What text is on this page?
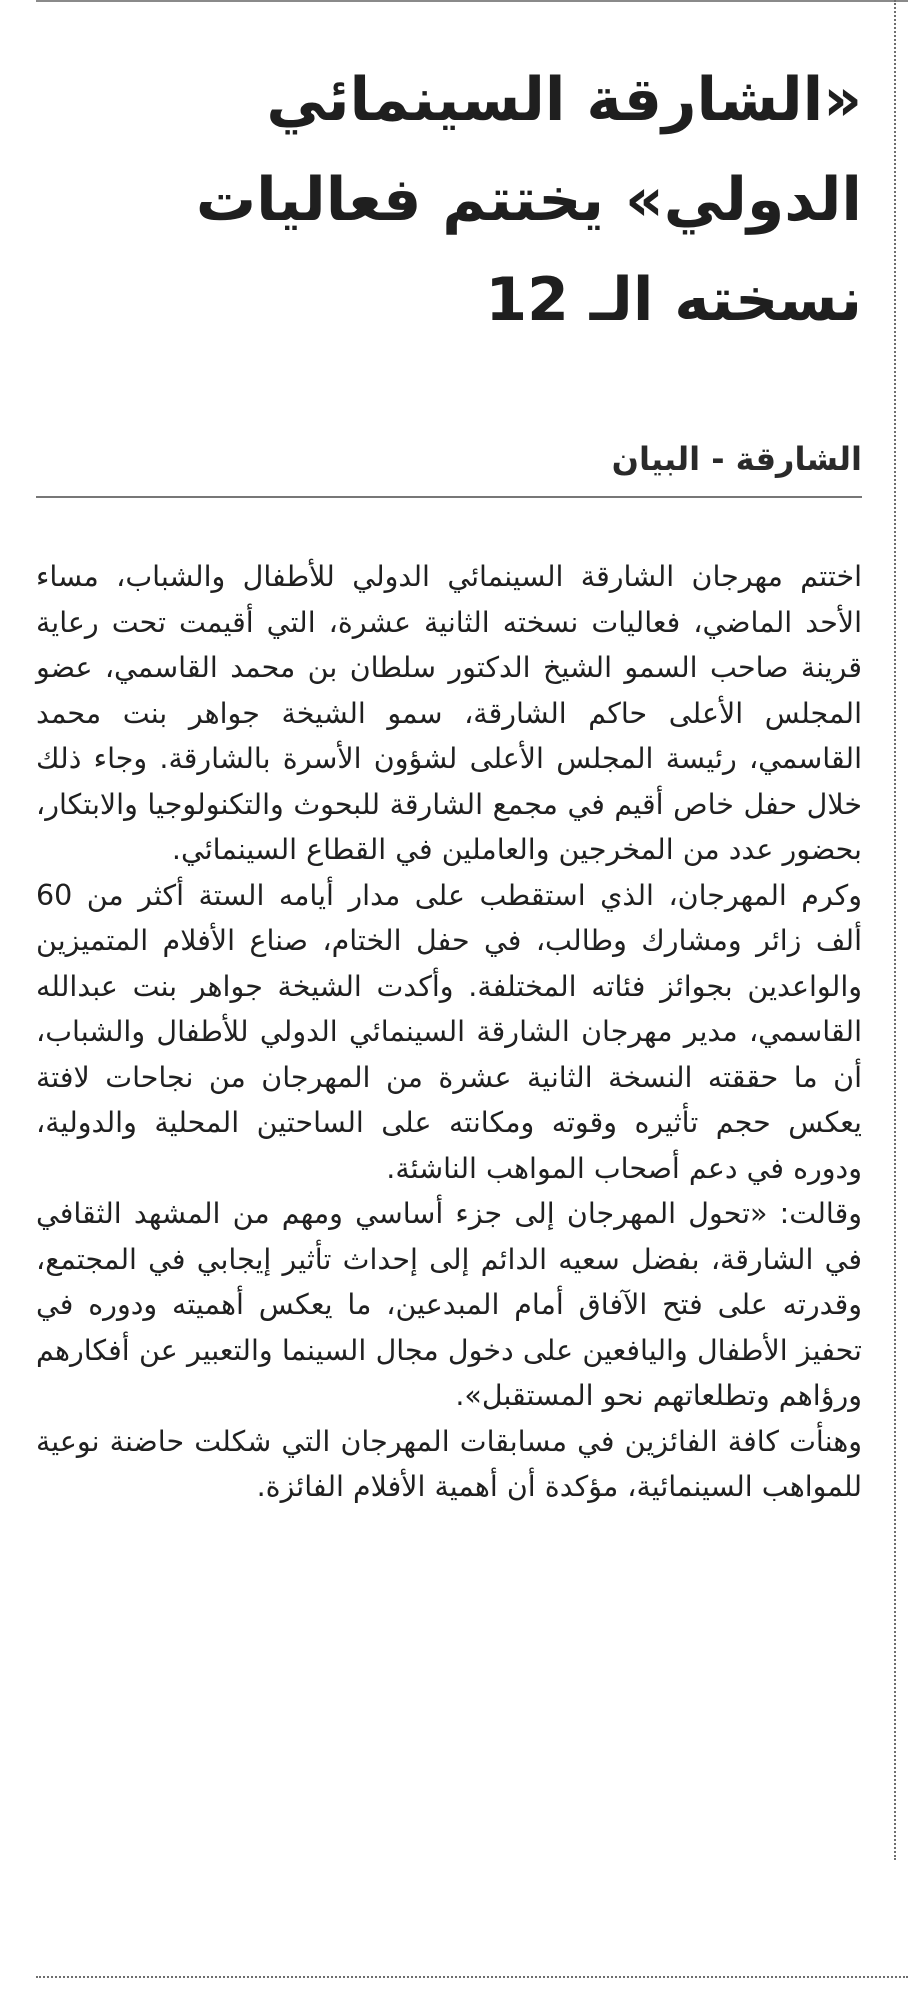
«الشارقة السينمائي الدولي» يختتم فعاليات نسخته الـ 12
الشارقة - البيان

اختتم مهرجان الشارقة السينمائي الدولي للأطفال والشباب، مساء الأحد الماضي، فعاليات نسخته الثانية عشرة، التي أقيمت تحت رعاية قرينة صاحب السمو الشيخ الدكتور سلطان بن محمد القاسمي، عضو المجلس الأعلى حاكم الشارقة، سمو الشيخة جواهر بنت محمد القاسمي، رئيسة المجلس الأعلى لشؤون الأسرة بالشارقة. وجاء ذلك خلال حفل خاص أقيم في مجمع الشارقة للبحوث والتكنولوجيا والابتكار، بحضور عدد من المخرجين والعاملين في القطاع السينمائي.

وكرم المهرجان، الذي استقطب على مدار أيامه الستة أكثر من 60 ألف زائر ومشارك وطالب، في حفل الختام، صناع الأفلام المتميزين والواعدين بجوائز فئاته المختلفة. وأكدت الشيخة جواهر بنت عبدالله القاسمي، مدير مهرجان الشارقة السينمائي الدولي للأطفال والشباب، أن ما حققته النسخة الثانية عشرة من المهرجان من نجاحات لافتة يعكس حجم تأثيره وقوته ومكانته على الساحتين المحلية والدولية، ودوره في دعم أصحاب المواهب الناشئة.

وقالت: «تحول المهرجان إلى جزء أساسي ومهم من المشهد الثقافي في الشارقة، بفضل سعيه الدائم إلى إحداث تأثير إيجابي في المجتمع، وقدرته على فتح الآفاق أمام المبدعين، ما يعكس أهميته ودوره في تحفيز الأطفال واليافعين على دخول مجال السينما والتعبير عن أفكارهم ورؤاهم وتطلعاتهم نحو المستقبل».

وهنأت كافة الفائزين في مسابقات المهرجان التي شكلت حاضنة نوعية للمواهب السينمائية، مؤكدة أن أهمية الأفلام الفائزة.
